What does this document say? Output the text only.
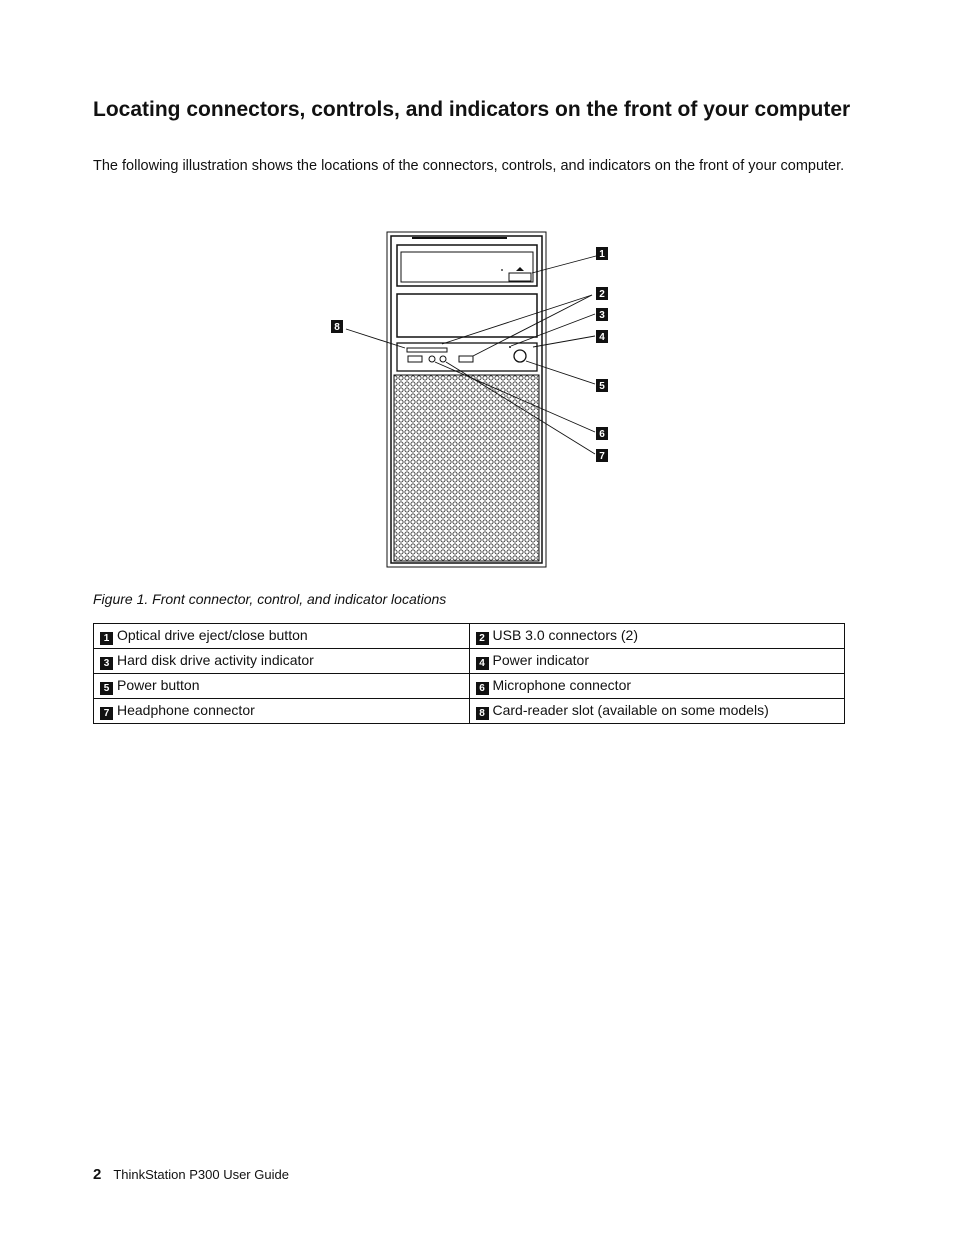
Locating connectors, controls, and indicators on the front of your computer

The following illustration shows the locations of the connectors, controls, and indicators on the front of your computer.

1
2
3
4
5
6
7
8
Figure 1. Front connector, control, and indicator locations
1 Optical drive eject/close button	2 USB 3.0 connectors (2)
3 Hard disk drive activity indicator	4 Power indicator
5 Power button	6 Microphone connector
7 Headphone connector	8 Card-reader slot (available on some models)
2 ThinkStation P300 User Guide
